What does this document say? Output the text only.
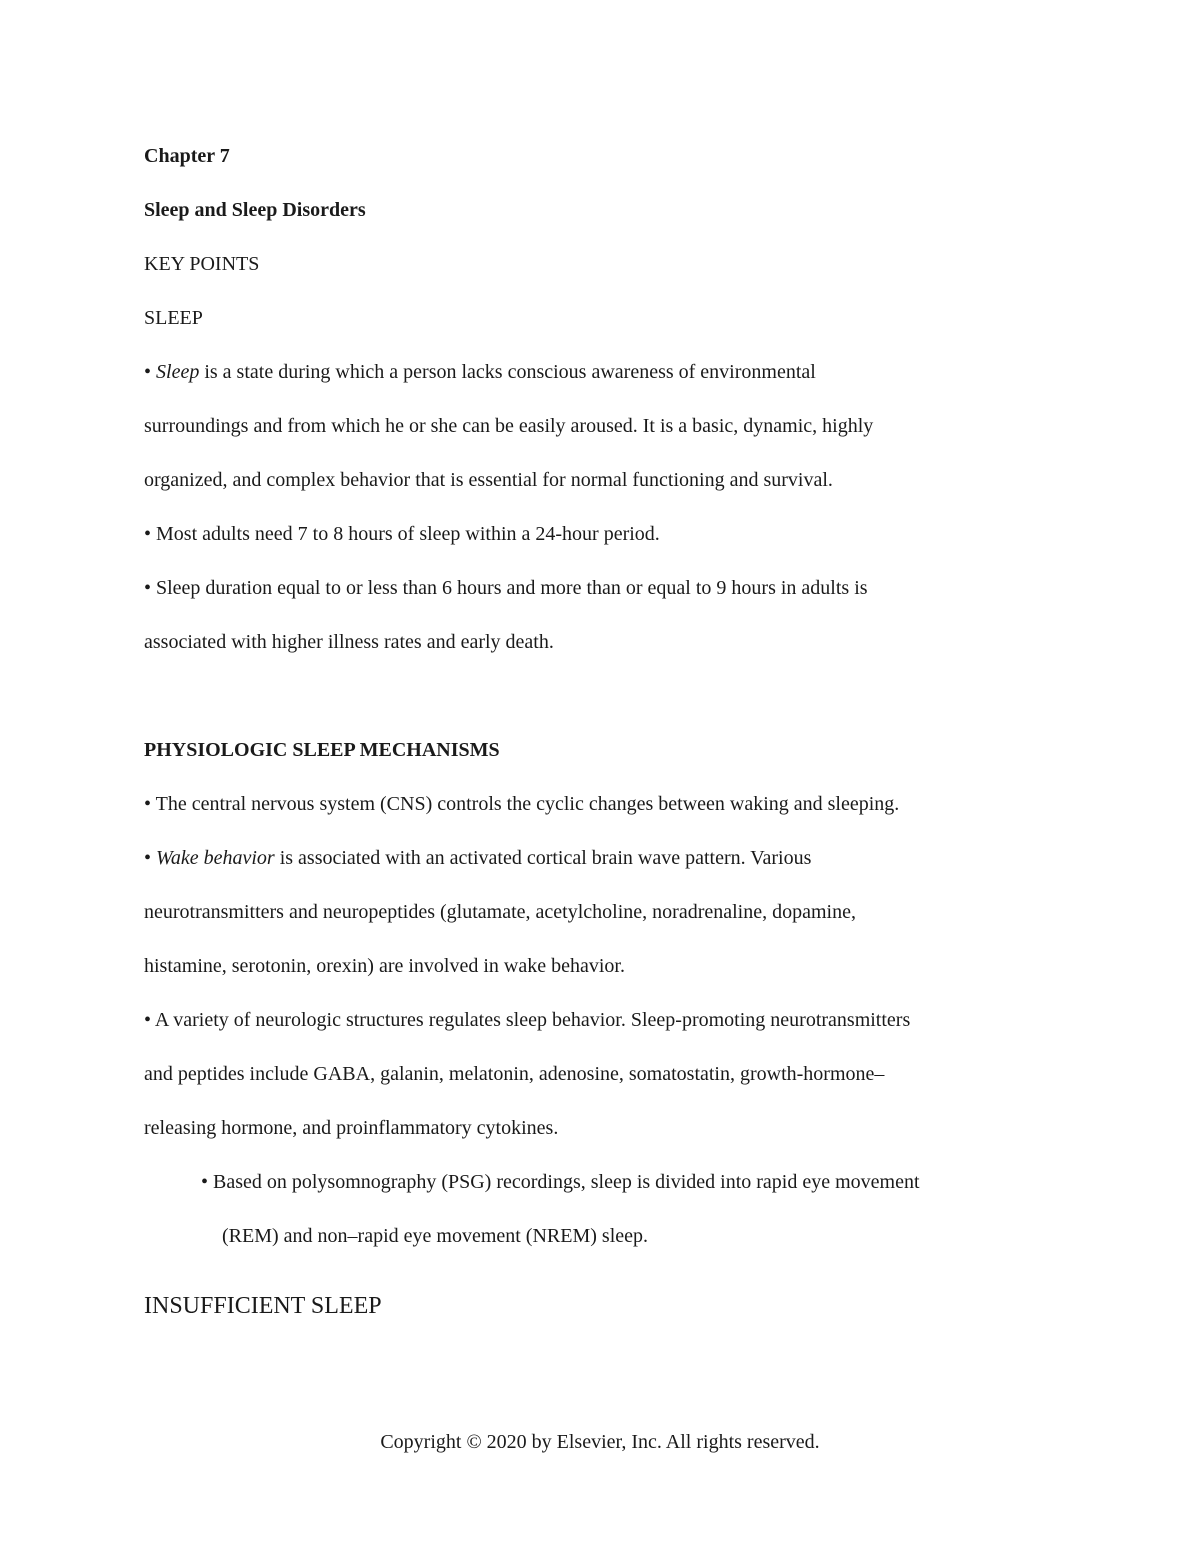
Chapter 7
Sleep and Sleep Disorders
KEY POINTS
SLEEP
• Sleep is a state during which a person lacks conscious awareness of environmental
surroundings and from which he or she can be easily aroused. It is a basic, dynamic, highly
organized, and complex behavior that is essential for normal functioning and survival.
• Most adults need 7 to 8 hours of sleep within a 24-hour period.
• Sleep duration equal to or less than 6 hours and more than or equal to 9 hours in adults is
associated with higher illness rates and early death.
PHYSIOLOGIC SLEEP MECHANISMS
• The central nervous system (CNS) controls the cyclic changes between waking and sleeping.
• Wake behavior is associated with an activated cortical brain wave pattern. Various
neurotransmitters and neuropeptides (glutamate, acetylcholine, noradrenaline, dopamine,
histamine, serotonin, orexin) are involved in wake behavior.
• A variety of neurologic structures regulates sleep behavior. Sleep-promoting neurotransmitters
and peptides include GABA, galanin, melatonin, adenosine, somatostatin, growth-hormone–
releasing hormone, and proinflammatory cytokines.
• Based on polysomnography (PSG) recordings, sleep is divided into rapid eye movement
(REM) and non–rapid eye movement (NREM) sleep.
INSUFFICIENT SLEEP
Copyright © 2020 by Elsevier, Inc. All rights reserved.
